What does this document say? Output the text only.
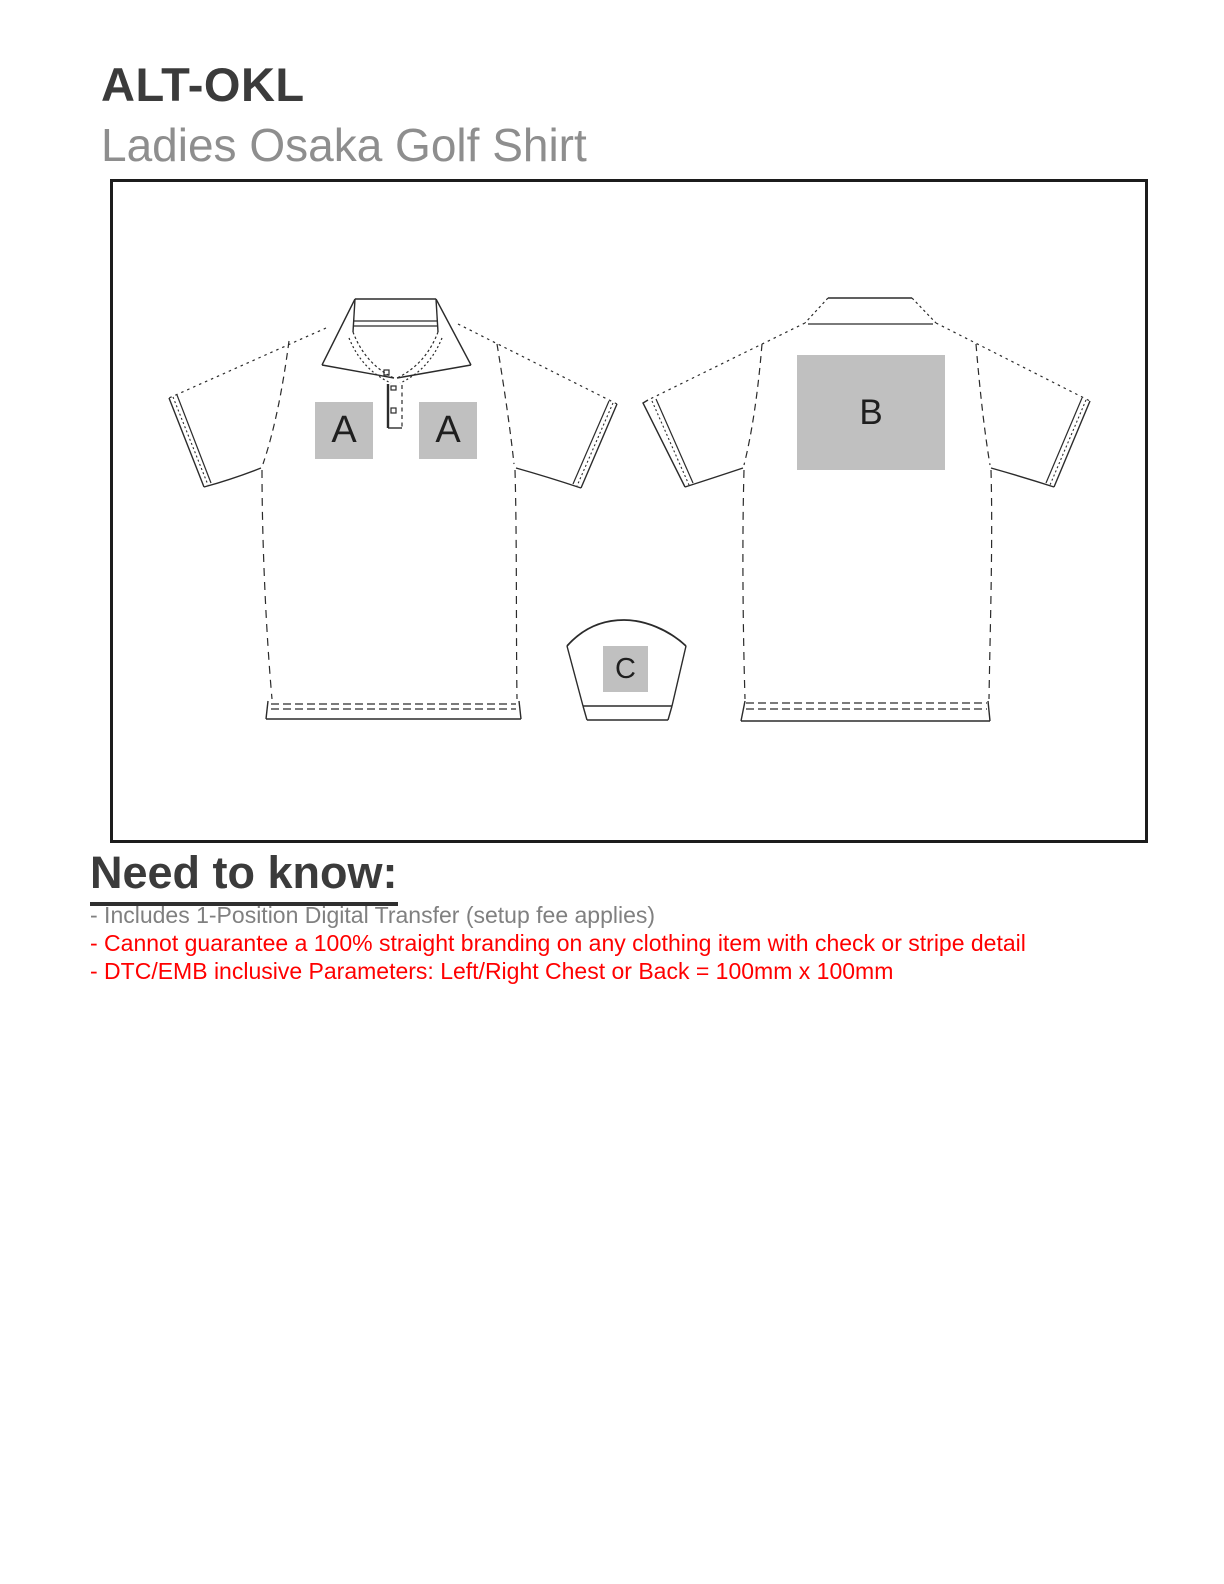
ALT-OKL
Ladies Osaka Golf Shirt
A	A	B
C
Need to know:
- Includes 1-Position Digital Transfer (setup fee applies)
- Cannot guarantee a 100% straight branding on any clothing item with check or stripe detail
- DTC/EMB inclusive Parameters: Left/Right Chest or Back = 100mm x 100mm
